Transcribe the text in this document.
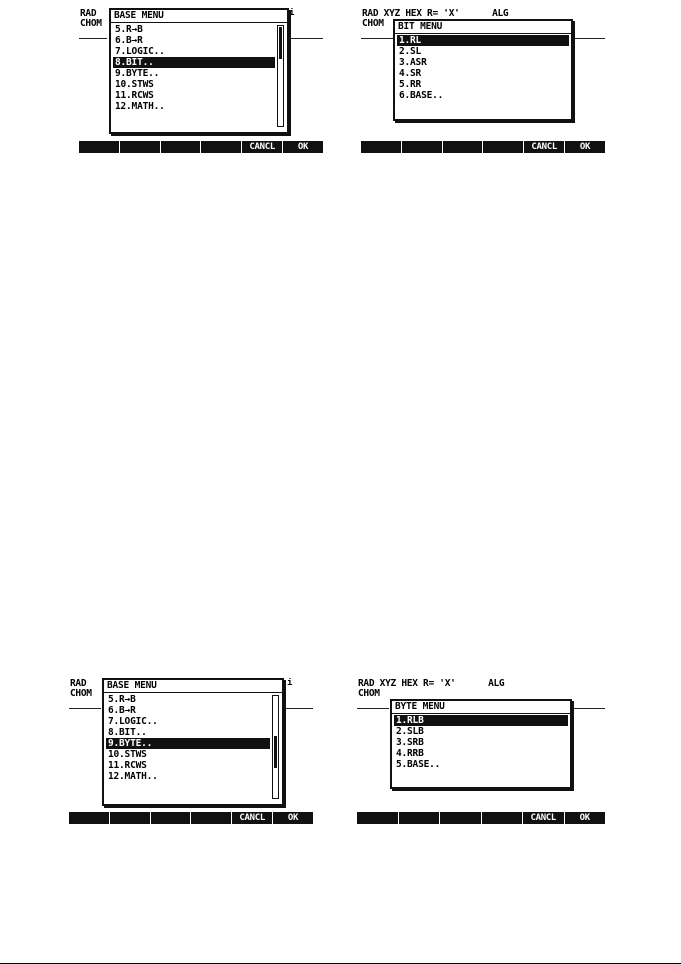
RAD
CHOM
i
BASE MENU
5.R→B
6.B→R
7.LOGIC..
8.BIT..
9.BYTE..
10.STWS
11.RCWS
12.MATH..
CANCL	OK
RAD XYZ HEX R= 'X'      ALG
CHOM	BIT MENU
1.RL
2.SL
3.ASR
4.SR
5.RR
6.BASE..
CANCL	OK
RAD
CHOM
i
BASE MENU
5.R→B
6.B→R
7.LOGIC..
8.BIT..
9.BYTE..
10.STWS
11.RCWS
12.MATH..
CANCL	OK
RAD XYZ HEX R= 'X'      ALG
CHOM
BYTE MENU
1.RLB
2.SLB
3.SRB
4.RRB
5.BASE..
CANCL	OK
